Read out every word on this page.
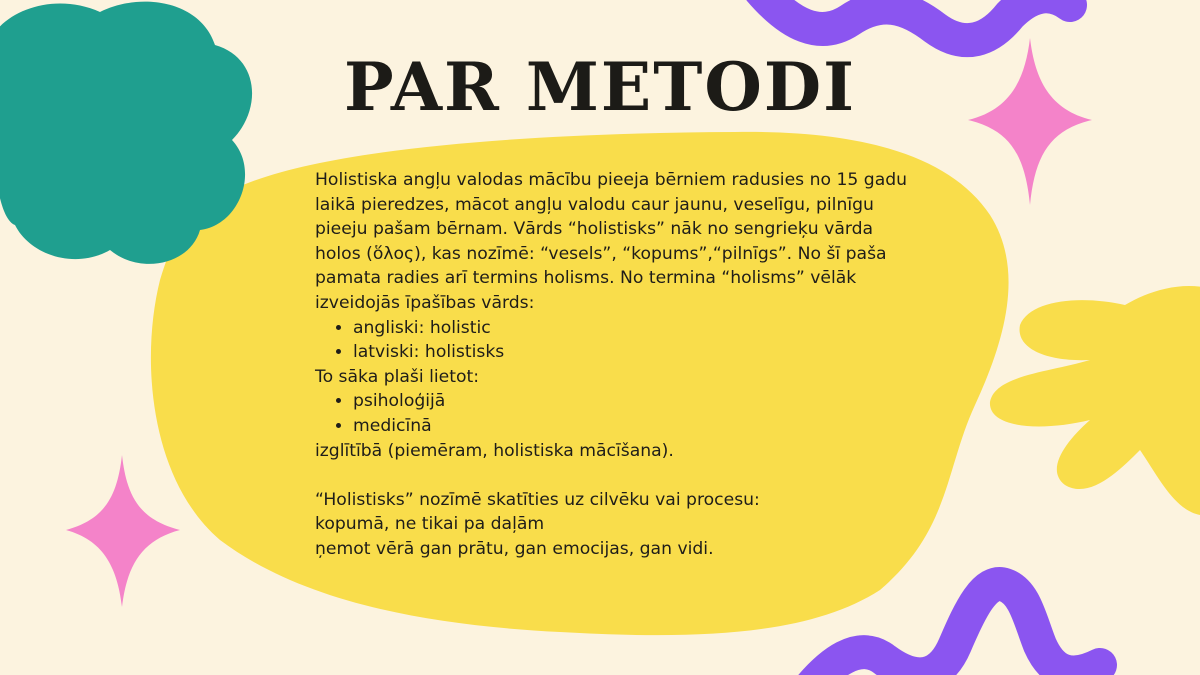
PAR METODI

Holistiska angļu valodas mācību pieeja bērniem radusies no 15 gadu laikā pieredzes, mācot angļu valodu caur jaunu, veselīgu, pilnīgu pieeju pašam bērnam. Vārds “holistisks” nāk no sengrieķu vārda holos (ὅλος), kas nozīmē: “vesels”, “kopums”,“pilnīgs”. No šī paša pamata radies arī termins holisms. No termina “holisms” vēlāk izveidojās īpašības vārds:

• angliski: holistic
• latviski: holistisks

To sāka plaši lietot:

• psiholoģijā
• medicīnā

izglītībā (piemēram, holistiska mācīšana).

“Holistisks” nozīmē skatīties uz cilvēku vai procesu:

kopumā, ne tikai pa daļām

ņemot vērā gan prātu, gan emocijas, gan vidi.
